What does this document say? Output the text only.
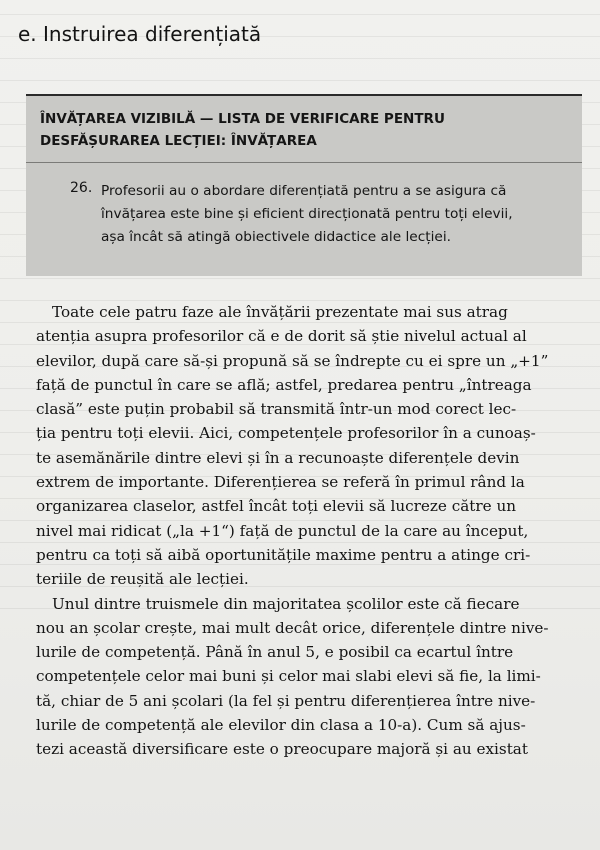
e. Instruirea diferențiată
ÎNVĂȚAREA VIZIBILĂ — LISTA DE VERIFICARE PENTRU
DESFĂȘURAREA LECȚIEI: ÎNVĂȚAREA
26. Profesorii au o abordare diferențiată pentru a se asigura că
învățarea este bine și eficient direcționată pentru toți elevii,
așa încât să atingă obiectivele didactice ale lecției.

Toate cele patru faze ale învățării prezentate mai sus atrag
atenția asupra profesorilor că e de dorit să știe nivelul actual al
elevilor, după care să-și propună să se îndrepte cu ei spre un „+1”
față de punctul în care se află; astfel, predarea pentru „întreaga
clasă” este puțin probabil să transmită într-un mod corect lec-
ția pentru toți elevii. Aici, competențele profesorilor în a cunoaș-
te asemănările dintre elevi și în a recunoaște diferențele devin
extrem de importante. Diferențierea se referă în primul rând la
organizarea claselor, astfel încât toți elevii să lucreze către un
nivel mai ridicat („la +1“) față de punctul de la care au început,
pentru ca toți să aibă oportunitățile maxime pentru a atinge cri-
teriile de reușită ale lecției.

Unul dintre truismele din majoritatea școlilor este că fiecare
nou an școlar crește, mai mult decât orice, diferențele dintre nive-
lurile de competență. Până în anul 5, e posibil ca ecartul între
competențele celor mai buni și celor mai slabi elevi să fie, la limi-
tă, chiar de 5 ani școlari (la fel și pentru diferențierea între nive-
lurile de competență ale elevilor din clasa a 10-a). Cum să ajus-
tezi această diversificare este o preocupare majoră și au existat
